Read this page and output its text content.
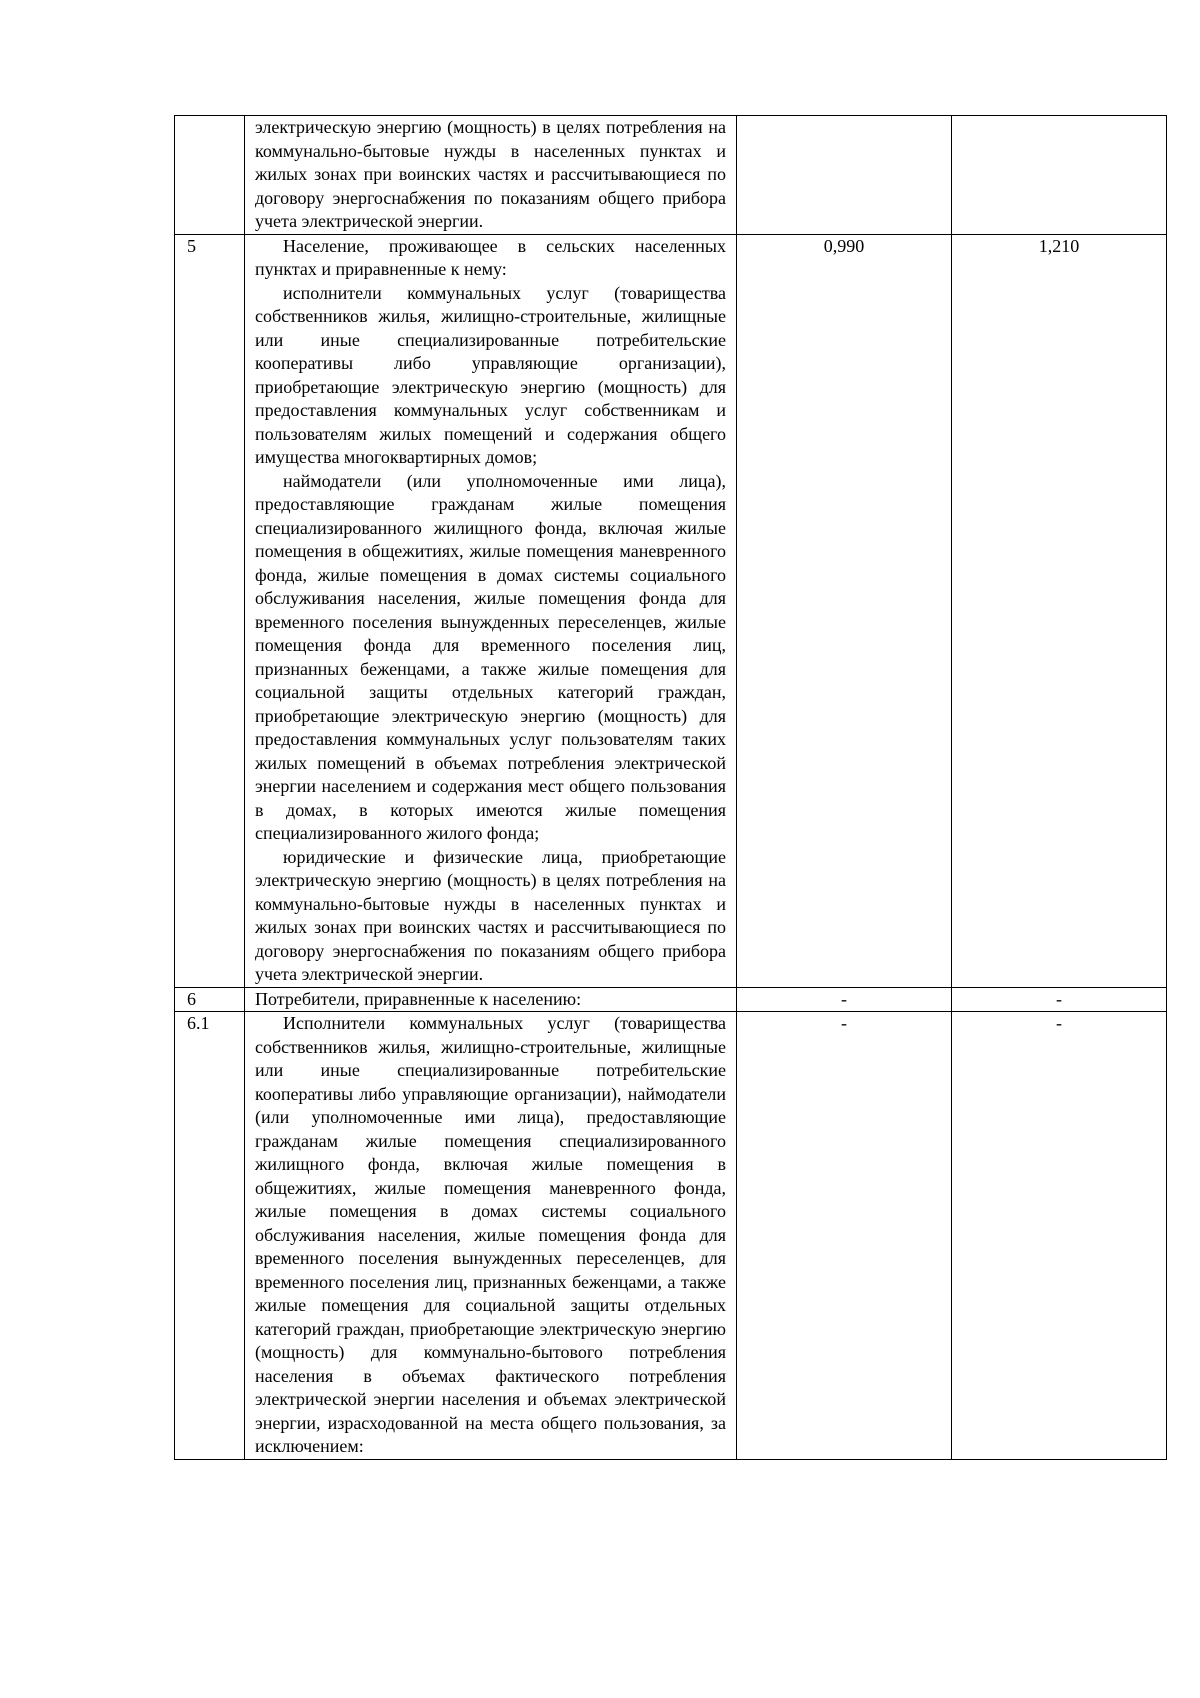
	электрическую энергию (мощность) в целях потребления на коммунально-бытовые нужды в населенных пунктах и жилых зонах при воинских частях и рассчитывающиеся по договору энергоснабжения по показаниям общего прибора учета электрической энергии.		

5	Население, проживающее в сельских населенных пунктах и приравненные к нему:

исполнители коммунальных услуг (товарищества собственников жилья, жилищно-строительные, жилищные или иные специализированные потребительские кооперативы либо управляющие организации), приобретающие электрическую энергию (мощность) для предоставления коммунальных услуг собственникам и пользователям жилых помещений и содержания общего имущества многоквартирных домов;

наймодатели (или уполномоченные ими лица), предоставляющие гражданам жилые помещения специализированного жилищного фонда, включая жилые помещения в общежитиях, жилые помещения маневренного фонда, жилые помещения в домах системы социального обслуживания населения, жилые помещения фонда для временного поселения вынужденных переселенцев, жилые помещения фонда для временного поселения лиц, признанных беженцами, а также жилые помещения для социальной защиты отдельных категорий граждан, приобретающие электрическую энергию (мощность) для предоставления коммунальных услуг пользователям таких жилых помещений в объемах потребления электрической энергии населением и содержания мест общего пользования в домах, в которых имеются жилые помещения специализированного жилого фонда;

юридические и физические лица, приобретающие электрическую энергию (мощность) в целях потребления на коммунально-бытовые нужды в населенных пунктах и жилых зонах при воинских частях и рассчитывающиеся по договору энергоснабжения по показаниям общего прибора учета электрической энергии.	0,990	1,210
6	Потребители, приравненные к населению:	-	-
6.1	Исполнители коммунальных услуг (товарищества собственников жилья, жилищно-строительные, жилищные или иные специализированные потребительские кооперативы либо управляющие организации), наймодатели (или уполномоченные ими лица), предоставляющие гражданам жилые помещения специализированного жилищного фонда, включая жилые помещения в общежитиях, жилые помещения маневренного фонда, жилые помещения в домах системы социального обслуживания населения, жилые помещения фонда для временного поселения вынужденных переселенцев, для временного поселения лиц, признанных беженцами, а также жилые помещения для социальной защиты отдельных категорий граждан, приобретающие электрическую энергию (мощность) для коммунально-бытового потребления населения в объемах фактического потребления электрической энергии населения и объемах электрической энергии, израсходованной на места общего пользования, за исключением:	-	-
